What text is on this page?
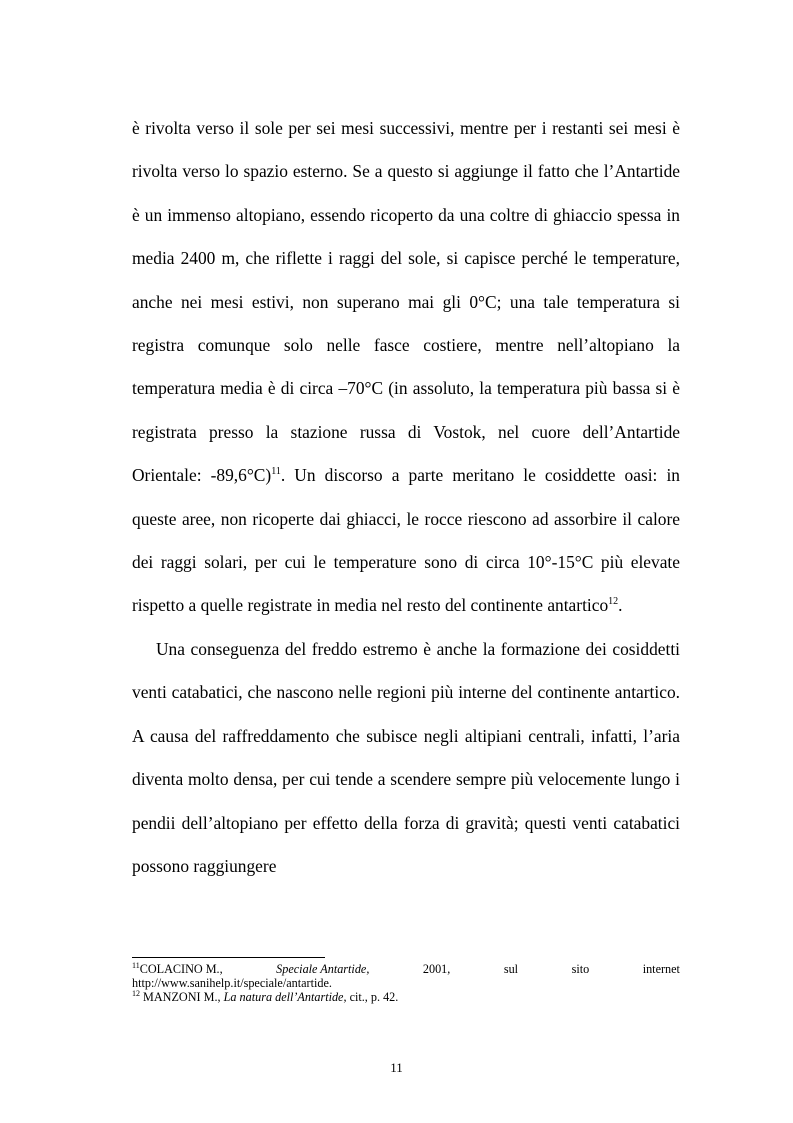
è rivolta verso il sole per sei mesi successivi, mentre per i restanti sei mesi è rivolta verso lo spazio esterno. Se a questo si aggiunge il fatto che l’Antartide è un immenso altopiano, essendo ricoperto da una coltre di ghiaccio spessa in media 2400 m, che riflette i raggi del sole, si capisce perché le temperature, anche nei mesi estivi, non superano mai gli 0°C; una tale temperatura si registra comunque solo nelle fasce costiere, mentre nell’altopiano la temperatura media è di circa –70°C (in assoluto, la temperatura più bassa si è registrata presso la stazione russa di Vostok, nel cuore dell’Antartide Orientale: -89,6°C)$^{11}$. Un discorso a parte meritano le cosiddette oasi: in queste aree, non ricoperte dai ghiacci, le rocce riescono ad assorbire il calore dei raggi solari, per cui le temperature sono di circa 10°-15°C più elevate rispetto a quelle registrate in media nel resto del continente antartico$^{12}$.

Una conseguenza del freddo estremo è anche la formazione dei cosiddetti venti catabatici, che nascono nelle regioni più interne del continente antartico. A causa del raffreddamento che subisce negli altipiani centrali, infatti, l’aria diventa molto densa, per cui tende a scendere sempre più velocemente lungo i pendii dell’altopiano per effetto della forza di gravità; questi venti catabatici possono raggiungere

$^{11}$COLACINO M.,	Speciale Antartide,	2001,	sul	sito	internet
http://www.sanihelp.it/speciale/antartide.
$^{12}$ MANZONI M., La natura dell’Antartide, cit., p. 42.
11
